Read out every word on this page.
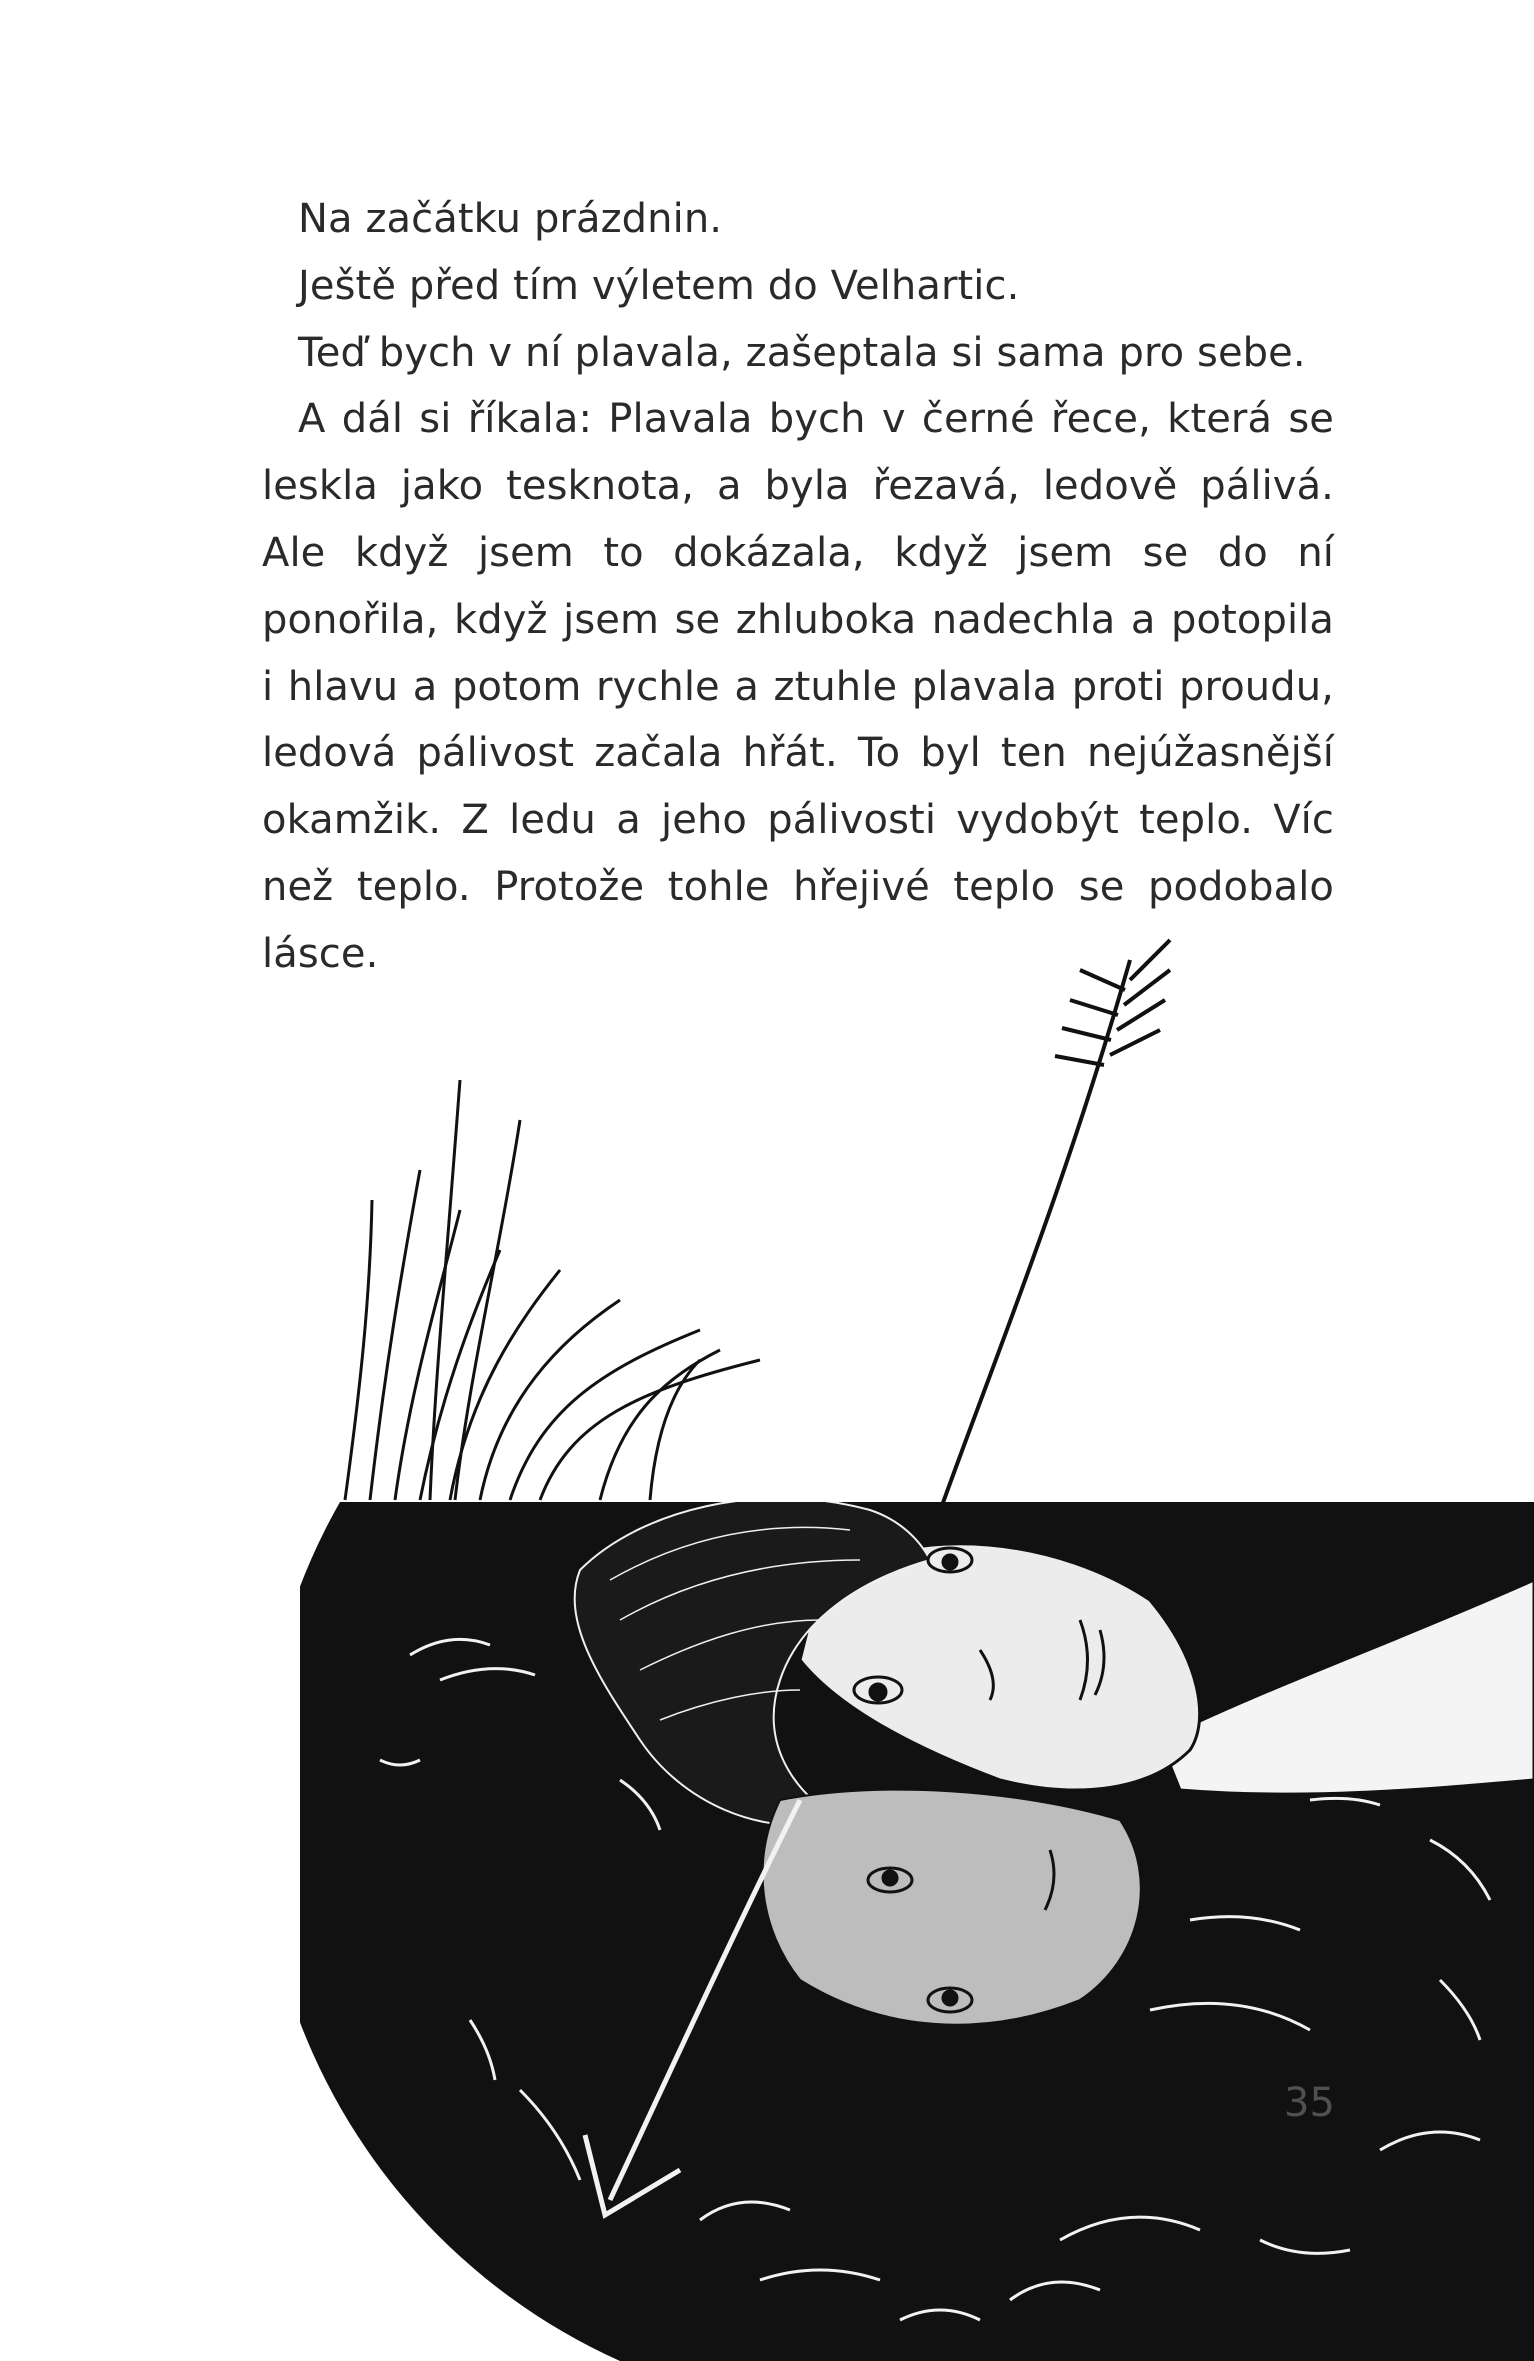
Na začátku prázdnin.

Ještě před tím výletem do Velhartic.

Teď bych v ní plavala, zašeptala si sama pro sebe.

A dál si říkala: Plavala bych v černé řece, která se leskla jako tesknota, a byla řezavá, ledově pálivá. Ale když jsem to dokázala, když jsem se do ní ponořila, když jsem se zhluboka nadechla a potopila i hlavu a potom rychle a ztuhle plavala proti proudu, ledová pálivost začala hřát. To byl ten nejúžasnější okamžik. Z ledu a jeho pálivosti vydobýt teplo. Víc než teplo. Protože tohle hřejivé teplo se podobalo lásce.

35
